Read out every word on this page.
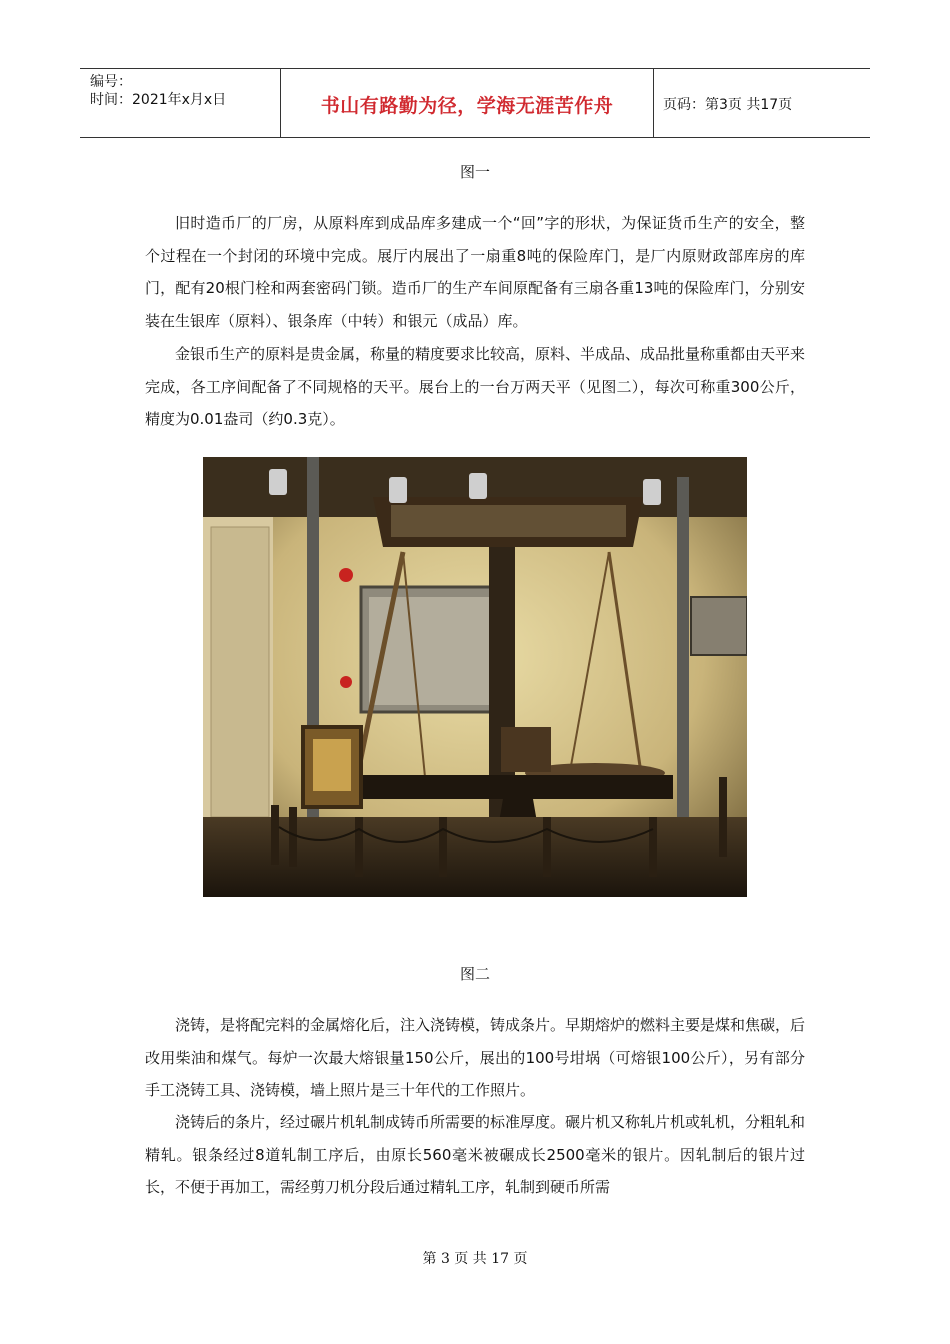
编号：
时间：2021年x月x日	书山有路勤为径，学海无涯苦作舟	页码：第3页 共17页
图一
旧时造币厂的厂房，从原料库到成品库多建成一个“回”字的形状，为保证货币生产的安全，整个过程在一个封闭的环境中完成。展厅内展出了一扇重8吨的保险库门，是厂内原财政部库房的库门，配有20根门栓和两套密码门锁。造币厂的生产车间原配备有三扇各重13吨的保险库门，分别安装在生银库（原料）、银条库（中转）和银元（成品）库。
金银币生产的原料是贵金属，称量的精度要求比较高，原料、半成品、成品批量称重都由天平来完成，各工序间配备了不同规格的天平。展台上的一台万两天平（见图二），每次可称重300公斤，精度为0.01盎司（约0.3克）。
图二
浇铸，是将配完料的金属熔化后，注入浇铸模，铸成条片。早期熔炉的燃料主要是煤和焦碳，后改用柴油和煤气。每炉一次最大熔银量150公斤，展出的100号坩埚（可熔银100公斤），另有部分手工浇铸工具、浇铸模，墙上照片是三十年代的工作照片。
浇铸后的条片，经过碾片机轧制成铸币所需要的标准厚度。碾片机又称轧片机或轧机，分粗轧和精轧。银条经过8道轧制工序后，由原长560毫米被碾成长2500毫米的银片。因轧制后的银片过长，不便于再加工，需经剪刀机分段后通过精轧工序，轧制到硬币所需
第 3 页 共 17 页
